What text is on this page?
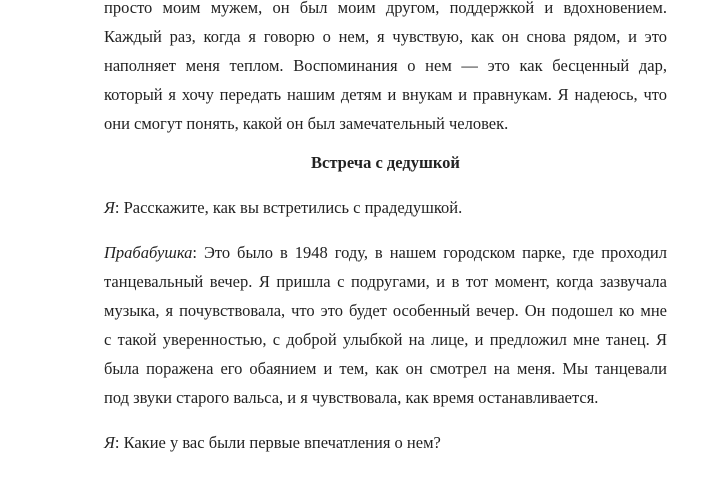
просто моим мужем, он был моим другом, поддержкой и вдохновением.
Каждый раз, когда я говорю о нем, я чувствую, как он снова рядом, и это
наполняет меня теплом. Воспоминания о нем — это как бесценный дар,
который я хочу передать нашим детям и внукам и правнукам. Я надеюсь, что
они смогут понять, какой он был замечательный человек.
Встреча с дедушкой

Я: Расскажите, как вы встретились с прадедушкой.

Прабабушка: Это было в 1948 году, в нашем городском парке, где проходил
танцевальный вечер. Я пришла с подругами, и в тот момент, когда зазвучала
музыка, я почувствовала, что это будет особенный вечер. Он подошел ко мне
с такой уверенностью, с доброй улыбкой на лице, и предложил мне танец. Я
была поражена его обаянием и тем, как он смотрел на меня. Мы танцевали
под звуки старого вальса, и я чувствовала, как время останавливается.

Я: Какие у вас были первые впечатления о нем?
